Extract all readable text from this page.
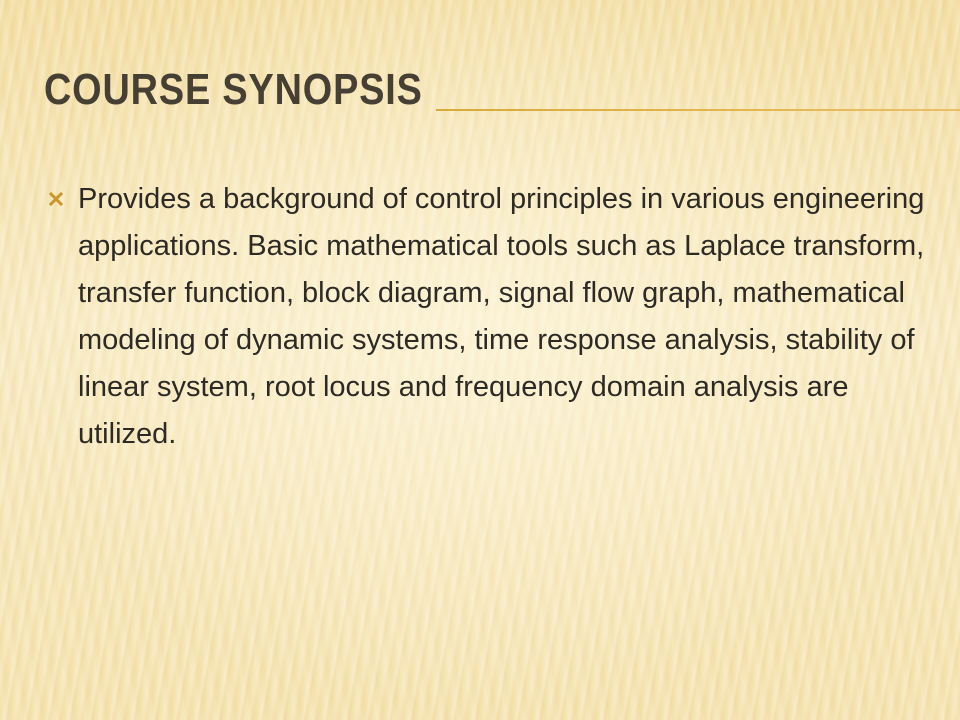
COURSE SYNOPSIS

Provides a background of control principles in various engineering applications. Basic mathematical tools such as Laplace transform, transfer function, block diagram, signal flow graph, mathematical modeling of dynamic systems, time response analysis, stability of linear system, root locus and frequency domain analysis are utilized.
